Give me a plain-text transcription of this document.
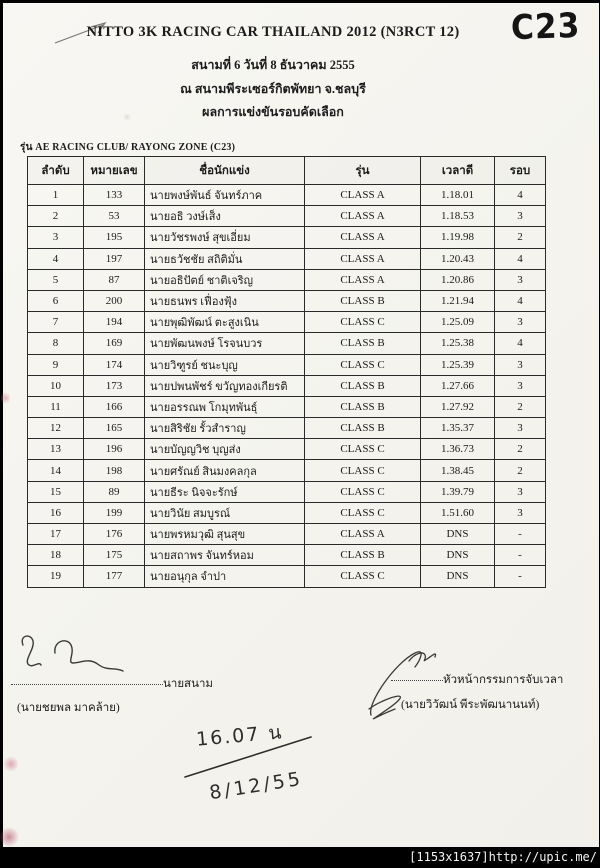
C23
NITTO 3K RACING CAR THAILAND 2012 (N3RCT 12)
สนามที่ 6 วันที่ 8 ธันวาคม 2555
ณ สนามพีระเซอร์กิตพัทยา จ.ชลบุรี
ผลการแข่งขันรอบคัดเลือก
รุ่น AE RACING CLUB/ RAYONG ZONE (C23)
ลำดับ	หมายเลข	ชื่อนักแข่ง	รุ่น	เวลาดี	รอบ
1	133	นายพงษ์พันธ์ จันทร์ภาค	CLASS A	1.18.01	4
2	53	นายอธิ วงษ์เส็ง	CLASS A	1.18.53	3
3	195	นายวัชรพงษ์ สุขเอี่ยม	CLASS A	1.19.98	2
4	197	นายธวัชชัย สถิติมั่น	CLASS A	1.20.43	4
5	87	นายอธิปัตย์ ชาติเจริญ	CLASS A	1.20.86	3
6	200	นายธนพร เฟื่องฟุ้ง	CLASS B	1.21.94	4
7	194	นายพุฒิพัฒน์ ตะสูงเนิน	CLASS C	1.25.09	3
8	169	นายพัฒนพงษ์ โรจนบวร	CLASS B	1.25.38	4
9	174	นายวิฑูรย์ ชนะบุญ	CLASS C	1.25.39	3
10	173	นายปพนพัชร์ ขวัญทองเกียรติ	CLASS B	1.27.66	3
11	166	นายอรรณพ โกมุทพันธุ์	CLASS B	1.27.92	2
12	165	นายสิริชัย รั้วสำราญ	CLASS B	1.35.37	3
13	196	นายบัญญวิช บุญส่ง	CLASS C	1.36.73	2
14	198	นายศรัณย์ สินมงคลกุล	CLASS C	1.38.45	2
15	89	นายธีระ นิจจะรักษ์	CLASS C	1.39.79	3
16	199	นายวินัย สมบูรณ์	CLASS C	1.51.60	3
17	176	นายพรหมวุฒิ สุนสุข	CLASS A	DNS	-
18	175	นายสถาพร จันทร์หอม	CLASS B	DNS	-
19	177	นายอนุกุล จำปา	CLASS C	DNS	-
นายสนาม
(นายชยพล มาคล้าย)
หัวหน้ากรรมการจับเวลา
(นายวิวัฒน์ พีระพัฒนานนท์)
16.07 น
8/12/55
[1153x1637]http://upic.me/
